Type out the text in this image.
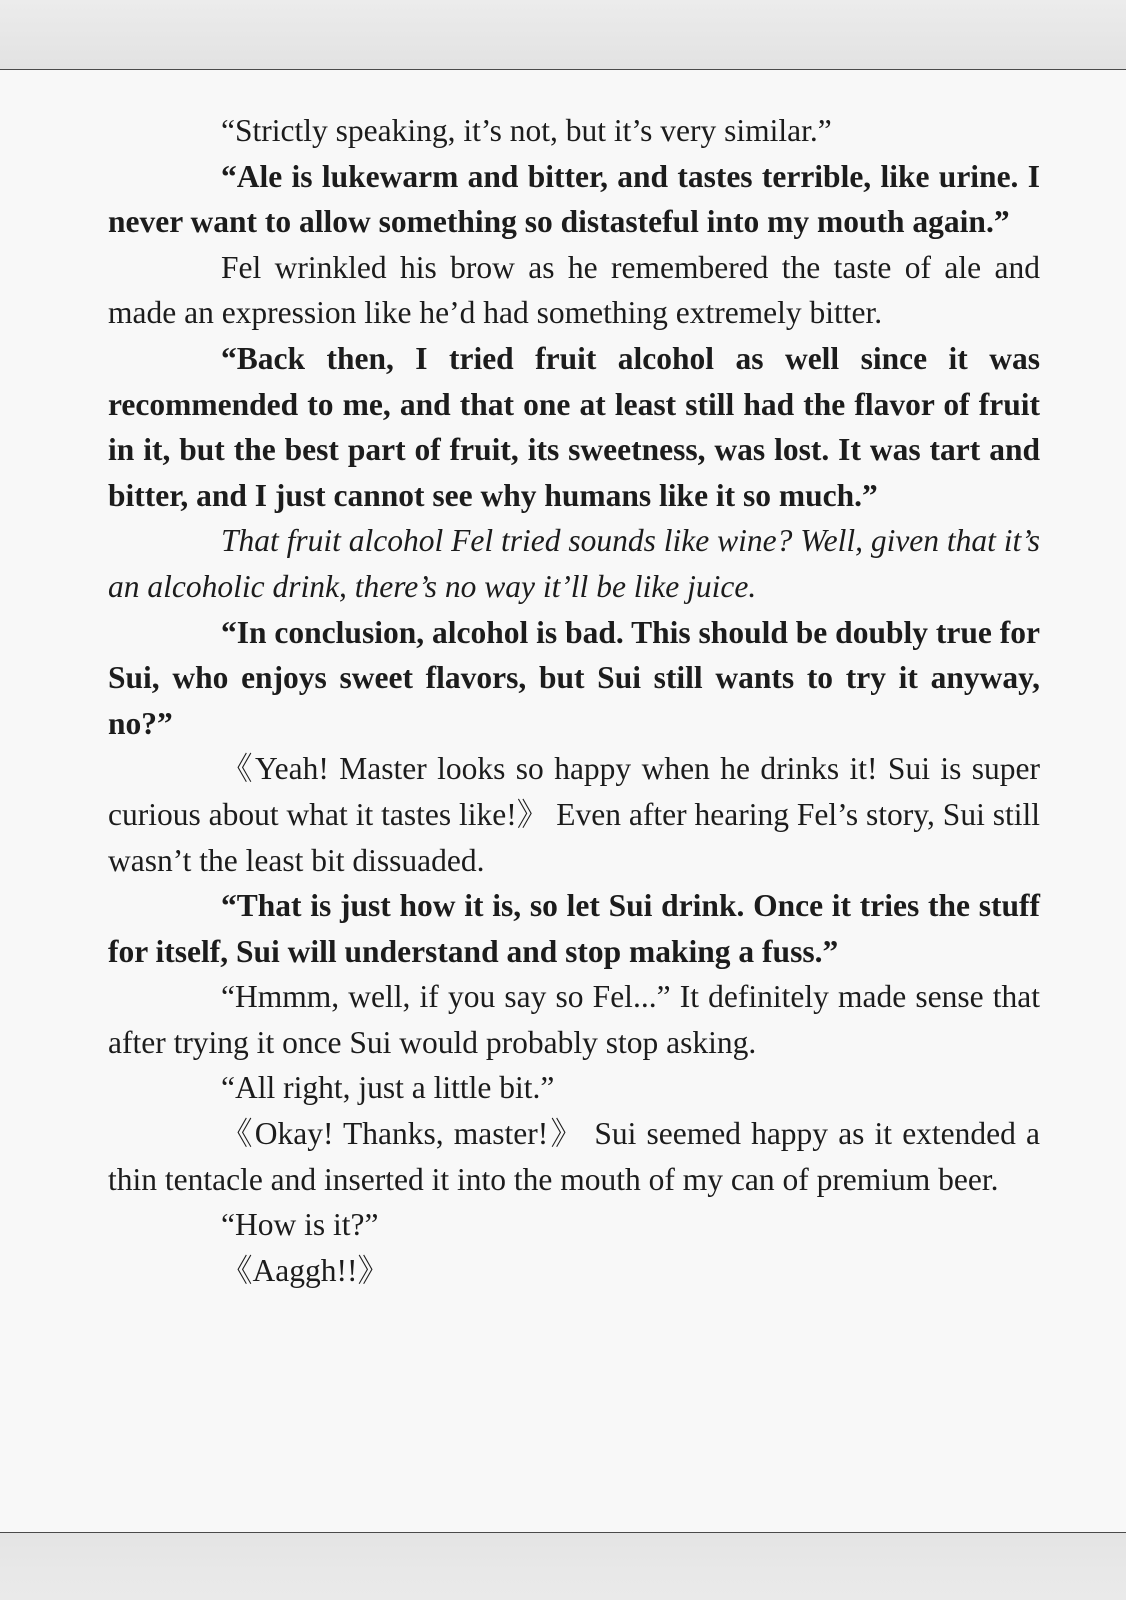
“Strictly speaking, it’s not, but it’s very similar.”

“Ale is lukewarm and bitter, and tastes terrible, like urine. I never want to allow something so distasteful into my mouth again.”

Fel wrinkled his brow as he remembered the taste of ale and made an expression like he’d had something extremely bitter.

“Back then, I tried fruit alcohol as well since it was recommended to me, and that one at least still had the flavor of fruit in it, but the best part of fruit, its sweetness, was lost. It was tart and bitter, and I just cannot see why humans like it so much.”

That fruit alcohol Fel tried sounds like wine? Well, given that it’s an alcoholic drink, there’s no way it’ll be like juice.

“In conclusion, alcohol is bad. This should be doubly true for Sui, who enjoys sweet flavors, but Sui still wants to try it anyway, no?”

《Yeah! Master looks so happy when he drinks it! Sui is super curious about what it tastes like!》 Even after hearing Fel’s story, Sui still wasn’t the least bit dissuaded.

“That is just how it is, so let Sui drink. Once it tries the stuff for itself, Sui will understand and stop making a fuss.”

“Hmmm, well, if you say so Fel...” It definitely made sense that after trying it once Sui would probably stop asking.

“All right, just a little bit.”

《Okay! Thanks, master!》 Sui seemed happy as it extended a thin tentacle and inserted it into the mouth of my can of premium beer.

“How is it?”

《Aaggh!!》
